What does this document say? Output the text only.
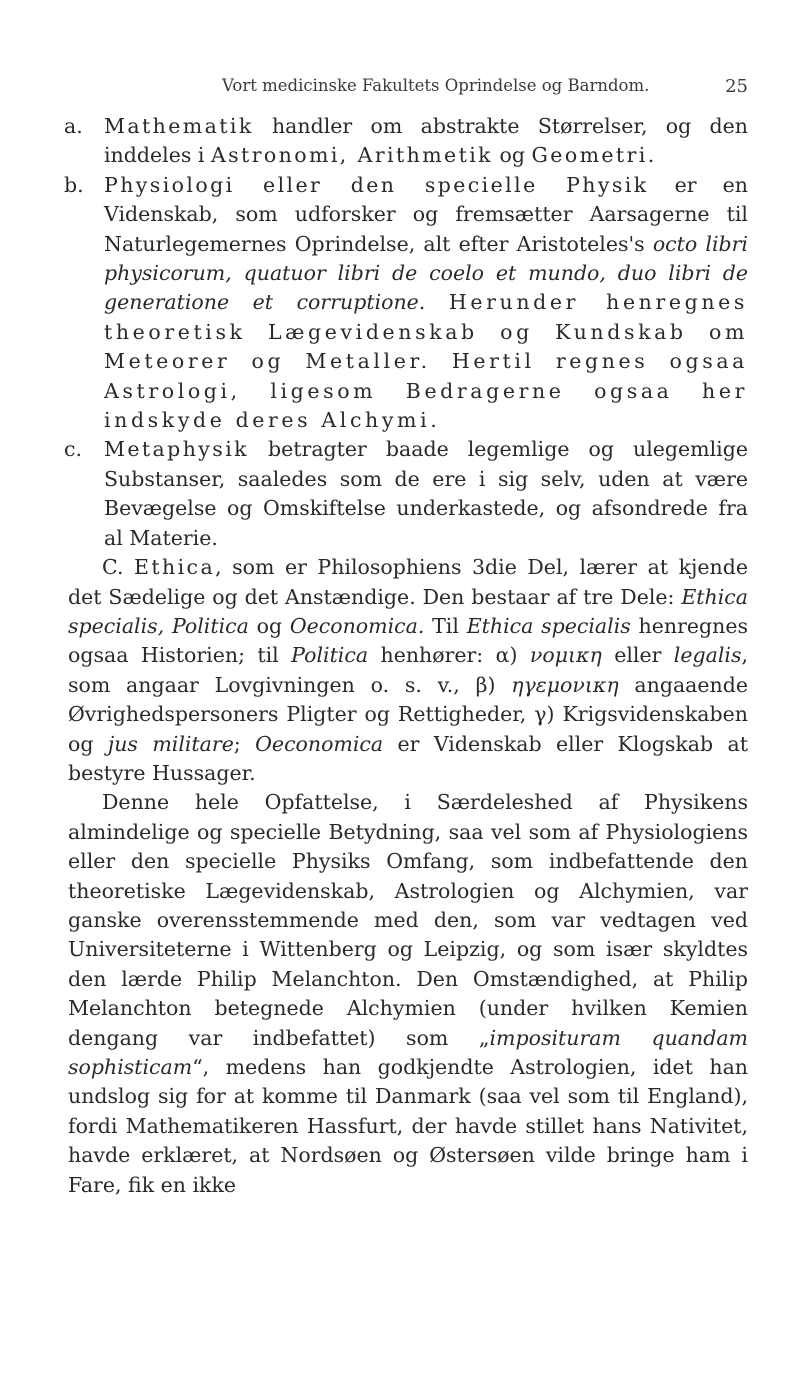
Vort medicinske Fakultets Oprindelse og Barndom.	25
a. Mathematik handler om abstrakte Størrelser, og den inddeles i Astronomi, Arithmetik og Geometri.
b. Physiologi eller den specielle Physik er en Videnskab, som udforsker og fremsætter Aarsagerne til Naturlegemernes Oprindelse, alt efter Aristoteles's octo libri physicorum, quatuor libri de coelo et mundo, duo libri de generatione et corruptione. Herunder henregnes theoretisk Lægevidenskab og Kundskab om Meteorer og Metaller. Hertil regnes ogsaa Astrologi, ligesom Bedragerne ogsaa her indskyde deres Alchymi.
c. Metaphysik betragter baade legemlige og ulegemlige Substanser, saaledes som de ere i sig selv, uden at være Bevægelse og Omskiftelse underkastede, og afsondrede fra al Materie.

C. Ethica, som er Philosophiens 3die Del, lærer at kjende det Sædelige og det Anstændige. Den bestaar af tre Dele: Ethica specialis, Politica og Oeconomica. Til Ethica specialis henregnes ogsaa Historien; til Politica henhører: α) νομικη eller legalis, som angaar Lovgivningen o. s. v., β) ηγεμονικη angaaende Øvrighedspersoners Pligter og Rettigheder, γ) Krigsvidenskaben og jus militare; Oeconomica er Videnskab eller Klogskab at bestyre Hussager.

Denne hele Opfattelse, i Særdeleshed af Physikens almindelige og specielle Betydning, saa vel som af Physiologiens eller den specielle Physiks Omfang, som indbefattende den theoretiske Lægevidenskab, Astrologien og Alchymien, var ganske overensstemmende med den, som var vedtagen ved Universiteterne i Wittenberg og Leipzig, og som især skyldtes den lærde Philip Melanchton. Den Omstændighed, at Philip Melanchton betegnede Alchymien (under hvilken Kemien dengang var indbefattet) som „imposituram quandam sophisticam“, medens han godkjendte Astrologien, idet han undslog sig for at komme til Danmark (saa vel som til England), fordi Mathematikeren Hassfurt, der havde stillet hans Nativitet, havde erklæret, at Nordsøen og Østersøen vilde bringe ham i Fare, fik en ikke
